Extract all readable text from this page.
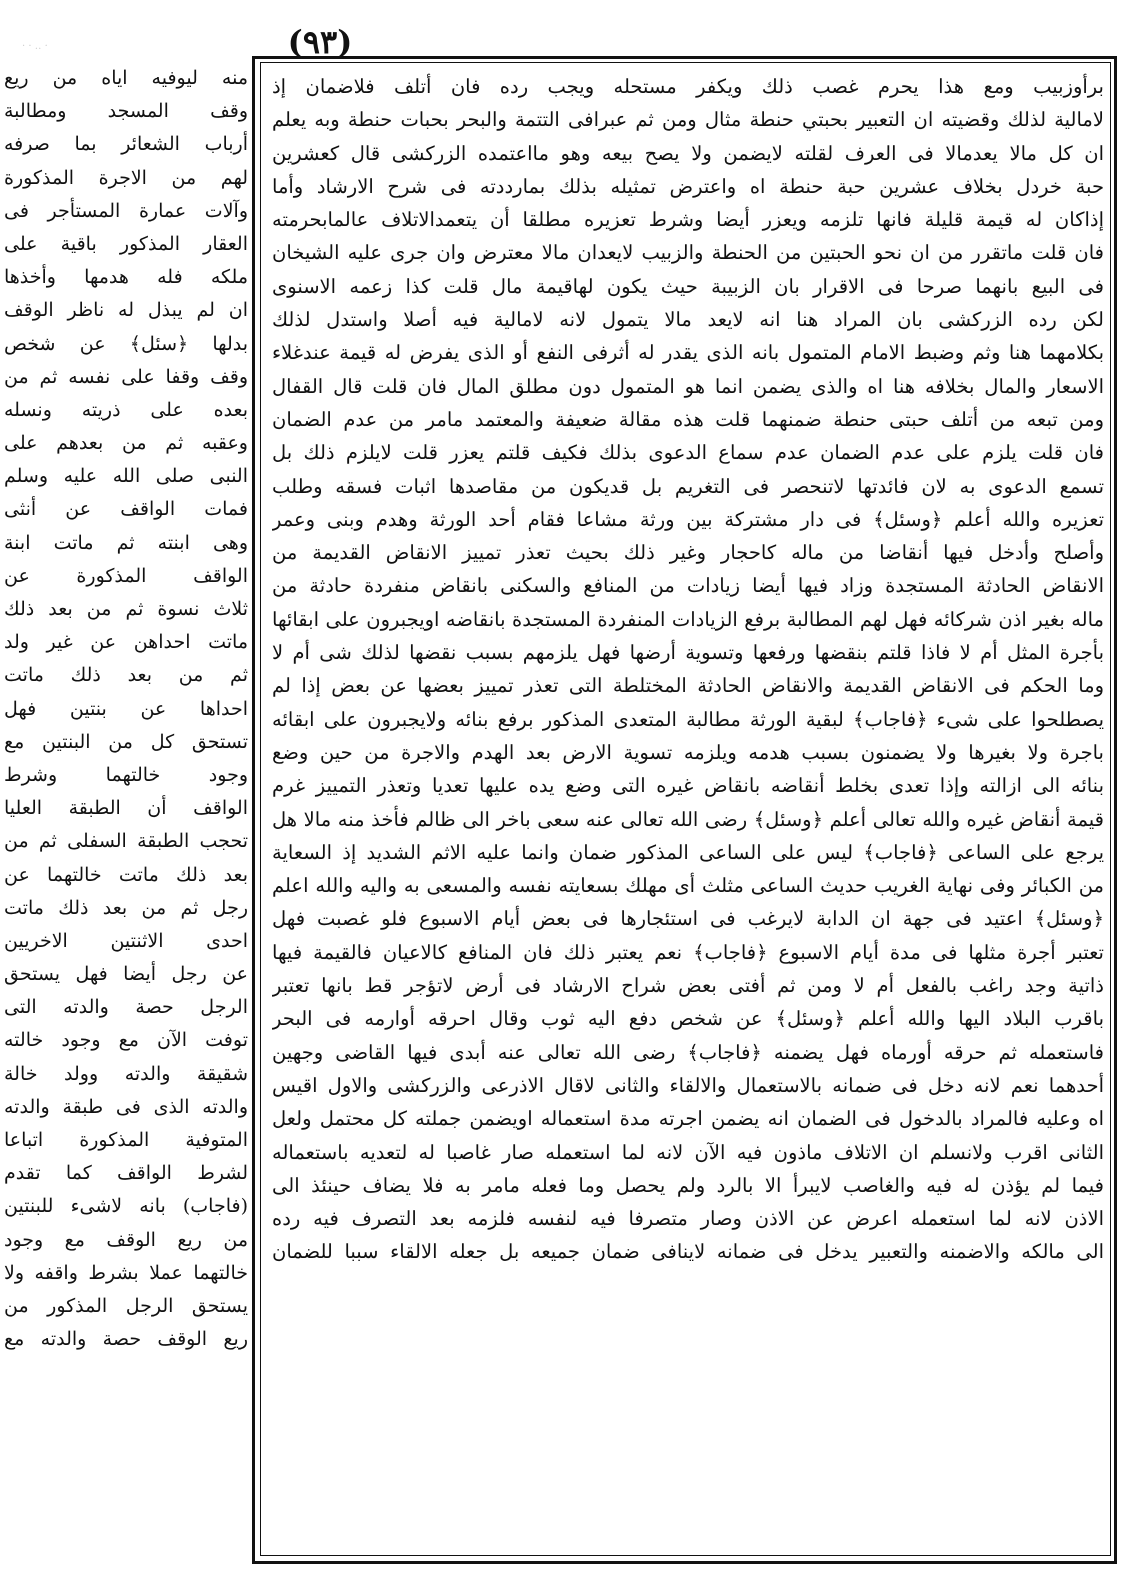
· · ‥ ·	(٩٣)
برأوزبيب ومع هذا يحرم غصب ذلك ويكفر مستحله ويجب رده فان أتلف فلاضمان إذ
لامالية لذلك وقضيته ان التعبير بحبتي حنطة مثال ومن ثم عبرافى التتمة والبحر بحبات حنطة وبه يعلم
ان كل مالا يعدمالا فى العرف لقلته لايضمن ولا يصح بيعه وهو مااعتمده الزركشى قال كعشرين
حبة خردل بخلاف عشرين حبة حنطة اه واعترض تمثيله بذلك بمارددته فى شرح الارشاد وأما
إذاكان له قيمة قليلة فانها تلزمه ويعزر أيضا وشرط تعزيره مطلقا أن يتعمدالاتلاف عالمابحرمته
فان قلت ماتقرر من ان نحو الحبتين من الحنطة والزبيب لايعدان مالا معترض وان جرى عليه الشيخان
فى البيع بانهما صرحا فى الاقرار بان الزبيبة حيث يكون لهاقيمة مال قلت كذا زعمه الاسنوى
لكن رده الزركشى بان المراد هنا انه لايعد مالا يتمول لانه لامالية فيه أصلا واستدل لذلك
بكلامهما هنا وثم وضبط الامام المتمول بانه الذى يقدر له أثرفى النفع أو الذى يفرض له قيمة عندغلاء
الاسعار والمال بخلافه هنا اه والذى يضمن انما هو المتمول دون مطلق المال فان قلت قال القفال
ومن تبعه من أتلف حبتى حنطة ضمنهما قلت هذه مقالة ضعيفة والمعتمد مامر من عدم الضمان
فان قلت يلزم على عدم الضمان عدم سماع الدعوى بذلك فكيف قلتم يعزر قلت لايلزم ذلك بل
تسمع الدعوى به لان فائدتها لاتنحصر فى التغريم بل قديكون من مقاصدها اثبات فسقه وطلب
تعزيره والله أعلم ﴿وسئل﴾ فى دار مشتركة بين ورثة مشاعا فقام أحد الورثة وهدم وبنى وعمر
وأصلح وأدخل فيها أنقاضا من ماله كاحجار وغير ذلك بحيث تعذر تمييز الانقاض القديمة من
الانقاض الحادثة المستجدة وزاد فيها أيضا زيادات من المنافع والسكنى بانقاض منفردة حادثة من
ماله بغير اذن شركائه فهل لهم المطالبة برفع الزيادات المنفردة المستجدة بانقاضه اويجبرون على ابقائها
بأجرة المثل أم لا فاذا قلتم بنقضها ورفعها وتسوية أرضها فهل يلزمهم بسبب نقضها لذلك شى أم لا
وما الحكم فى الانقاض القديمة والانقاض الحادثة المختلطة التى تعذر تمييز بعضها عن بعض إذا لم
يصطلحوا على شىء ﴿فاجاب﴾ لبقية الورثة مطالبة المتعدى المذكور برفع بنائه ولايجبرون على ابقائه
باجرة ولا بغيرها ولا يضمنون بسبب هدمه ويلزمه تسوية الارض بعد الهدم والاجرة من حين وضع
بنائه الى ازالته وإذا تعدى بخلط أنقاضه بانقاض غيره التى وضع يده عليها تعديا وتعذر التمييز غرم
قيمة أنقاض غيره والله تعالى أعلم ﴿وسئل﴾ رضى الله تعالى عنه سعى باخر الى ظالم فأخذ منه مالا هل
يرجع على الساعى ﴿فاجاب﴾ ليس على الساعى المذكور ضمان وانما عليه الاثم الشديد إذ السعاية
من الكبائر وفى نهاية الغريب حديث الساعى مثلث أى مهلك بسعايته نفسه والمسعى به واليه والله اعلم
﴿وسئل﴾ اعتيد فى جهة ان الدابة لايرغب فى استئجارها فى بعض أيام الاسبوع فلو غصبت فهل
تعتبر أجرة مثلها فى مدة أيام الاسبوع ﴿فاجاب﴾ نعم يعتبر ذلك فان المنافع كالاعيان فالقيمة فيها
ذاتية وجد راغب بالفعل أم لا ومن ثم أفتى بعض شراح الارشاد فى أرض لاتؤجر قط بانها تعتبر
باقرب البلاد اليها والله أعلم ﴿وسئل﴾ عن شخص دفع اليه ثوب وقال احرقه أوارمه فى البحر
فاستعمله ثم حرقه أورماه فهل يضمنه ﴿فاجاب﴾ رضى الله تعالى عنه أبدى فيها القاضى وجهين
أحدهما نعم لانه دخل فى ضمانه بالاستعمال والالقاء والثانى لاقال الاذرعى والزركشى والاول اقيس
اه وعليه فالمراد بالدخول فى الضمان انه يضمن اجرته مدة استعماله اويضمن جملته كل محتمل ولعل
الثانى اقرب ولانسلم ان الاتلاف ماذون فيه الآن لانه لما استعمله صار غاصبا له لتعديه باستعماله
فيما لم يؤذن له فيه والغاصب لايبرأ الا بالرد ولم يحصل وما فعله مامر به فلا يضاف حينئذ الى
الاذن لانه لما استعمله اعرض عن الاذن وصار متصرفا فيه لنفسه فلزمه بعد التصرف فيه رده
الى مالكه والاضمنه والتعبير يدخل فى ضمانه لاينافى ضمان جميعه بل جعله الالقاء سببا للضمان
منه ليوفيه اياه من ريع
وقف المسجد ومطالبة
أرباب الشعائر بما صرفه
لهم من الاجرة المذكورة
وآلات عمارة المستأجر فى
العقار المذكور باقية على
ملكه فله هدمها وأخذها
ان لم يبذل له ناظر الوقف
بدلها ﴿سئل﴾ عن شخص
وقف وقفا على نفسه ثم من
بعده على ذريته ونسله
وعقبه ثم من بعدهم على
النبى صلى الله عليه وسلم
فمات الواقف عن أنثى
وهى ابنته ثم ماتت ابنة
الواقف المذكورة عن
ثلاث نسوة ثم من بعد ذلك
ماتت احداهن عن غير ولد
ثم من بعد ذلك ماتت
احداها عن بنتين فهل
تستحق كل من البنتين مع
وجود خالتهما وشرط
الواقف أن الطبقة العليا
تحجب الطبقة السفلى ثم من
بعد ذلك ماتت خالتهما عن
رجل ثم من بعد ذلك ماتت
احدى الاثنتين الاخريين
عن رجل أيضا فهل يستحق
الرجل حصة والدته التى
توفت الآن مع وجود خالته
شقيقة والدته وولد خالة
والدته الذى فى طبقة والدته
المتوفية المذكورة اتباعا
لشرط الواقف كما تقدم
(فاجاب) بانه لاشىء للبنتين
من ريع الوقف مع وجود
خالتهما عملا بشرط واقفه ولا
يستحق الرجل المذكور من
ريع الوقف حصة والدته مع
